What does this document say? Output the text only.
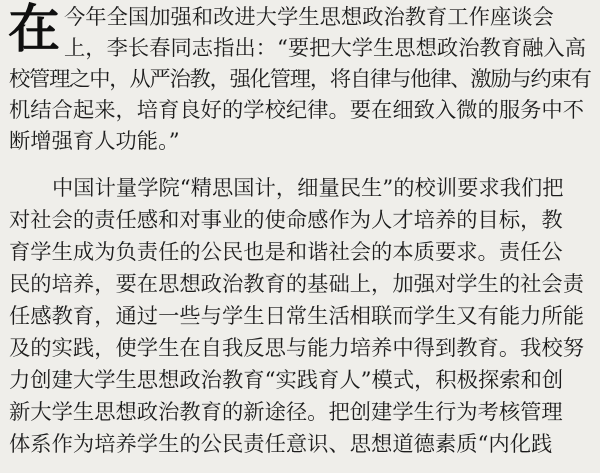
在 今年全国加强和改进大学生思想政治教育工作座谈会
上，李长春同志指出：“要把大学生思想政治教育融入高
校管理之中，从严治教，强化管理，将自律与他律、激励与约束有
机结合起来，培育良好的学校纪律。要在细致入微的服务中不
断增强育人功能。”
中国计量学院“精思国计，细量民生”的校训要求我们把
对社会的责任感和对事业的使命感作为人才培养的目标，教
育学生成为负责任的公民也是和谐社会的本质要求。责任公
民的培养，要在思想政治教育的基础上，加强对学生的社会责
任感教育，通过一些与学生日常生活相联而学生又有能力所能
及的实践，使学生在自我反思与能力培养中得到教育。我校努
力创建大学生思想政治教育“实践育人”模式，积极探索和创
新大学生思想政治教育的新途径。把创建学生行为考核管理
体系作为培养学生的公民责任意识、思想道德素质“内化践
